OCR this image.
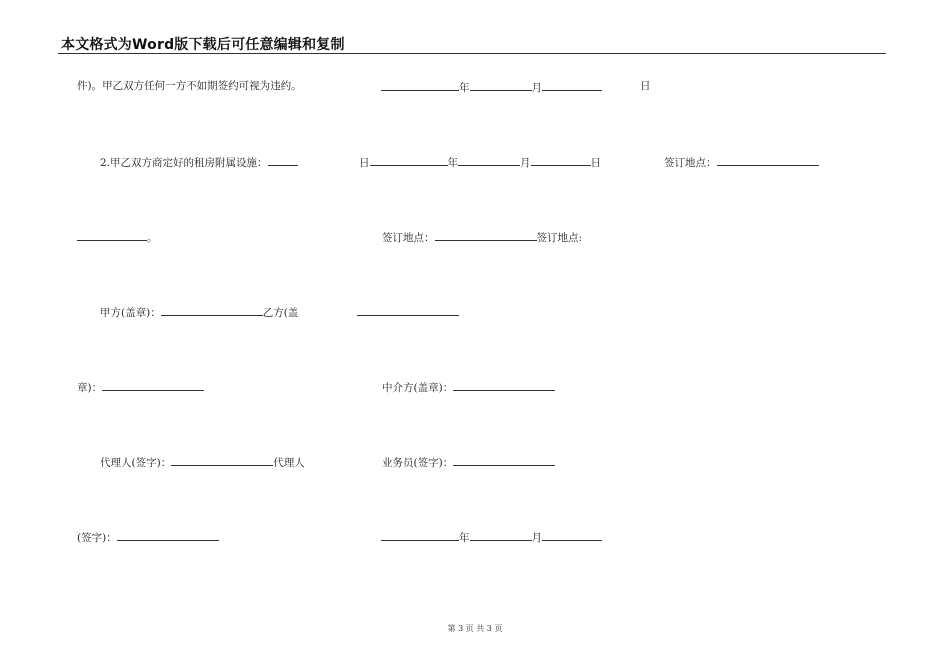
本文格式为Word版下载后可任意编辑和复制
件)。甲乙双方任何一方不如期签约可视为违约。	年	月	日
2.甲乙双方商定好的租房附属设施：	日	年	月	日	签订地点：
。	签订地点：	签订地点:
甲方(盖章)：	乙方(盖
章)：	中介方(盖章)：
代理人(签字)：	代理人	业务员(签字)：
(签字)：	年	月
第 3 页 共 3 页
